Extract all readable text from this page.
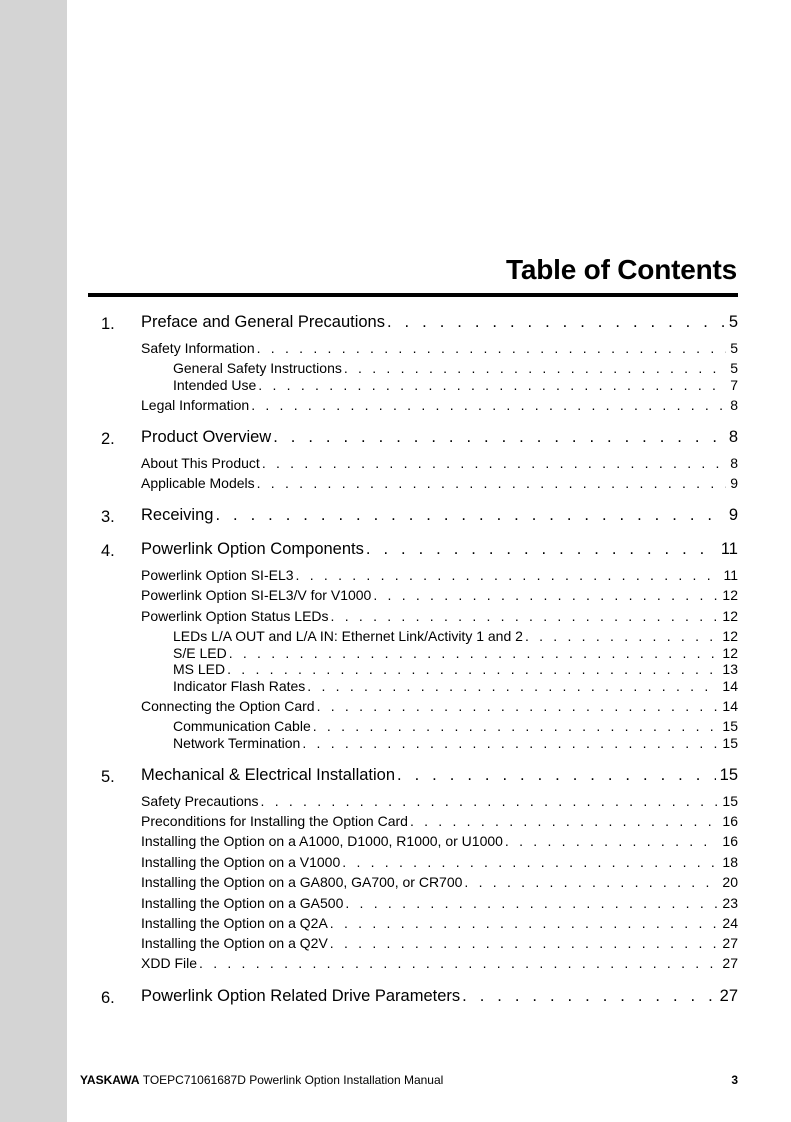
Table of Contents
1. Preface and General Precautions . . .	5
Safety Information . . .	5
General Safety Instructions . . .	5
Intended Use . . .	7
Legal Information . . .	8
2. Product Overview . . .	8
About This Product . . .	8
Applicable Models . . .	9
3. Receiving . . .	9
4. Powerlink Option Components . . .	11
Powerlink Option SI-EL3 . . .	11
Powerlink Option SI-EL3/V for V1000 . . .	12
Powerlink Option Status LEDs . . .	12
LEDs L/A OUT and L/A IN: Ethernet Link/Activity 1 and 2 . . .	12
S/E LED . . .	12
MS LED . . .	13
Indicator Flash Rates . . .	14
Connecting the Option Card . . .	14
Communication Cable . . .	15
Network Termination . . .	15
5. Mechanical & Electrical Installation . . .	15
Safety Precautions . . .	15
Preconditions for Installing the Option Card . . .	16
Installing the Option on a A1000, D1000, R1000, or U1000 . . .	16
Installing the Option on a V1000 . . .	18
Installing the Option on a GA800, GA700, or CR700 . . .	20
Installing the Option on a GA500 . . .	23
Installing the Option on a Q2A . . .	24
Installing the Option on a Q2V . . .	27
XDD File . . .	27
6. Powerlink Option Related Drive Parameters . . .	27
YASKAWA TOEPC71061687D Powerlink Option Installation Manual	3
